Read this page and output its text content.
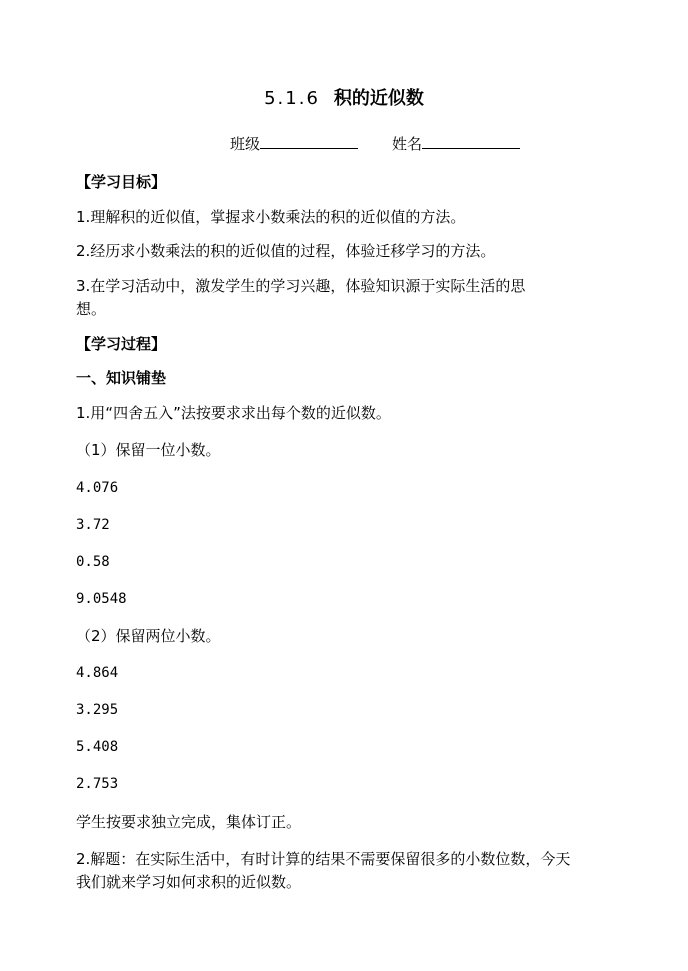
5.1.6 积的近似数
班级	姓名
【学习目标】
1.理解积的近似值，掌握求小数乘法的积的近似值的方法。
2.经历求小数乘法的积的近似值的过程，体验迁移学习的方法。
3.在学习活动中，激发学生的学习兴趣，体验知识源于实际生活的思
想。
【学习过程】
一、知识铺垫
1.用“四舍五入”法按要求求出每个数的近似数。
（1）保留一位小数。
4.076
3.72
0.58
9.0548
（2）保留两位小数。
4.864
3.295
5.408
2.753
学生按要求独立完成，集体订正。
2.解题：在实际生活中，有时计算的结果不需要保留很多的小数位数，今天
我们就来学习如何求积的近似数。
